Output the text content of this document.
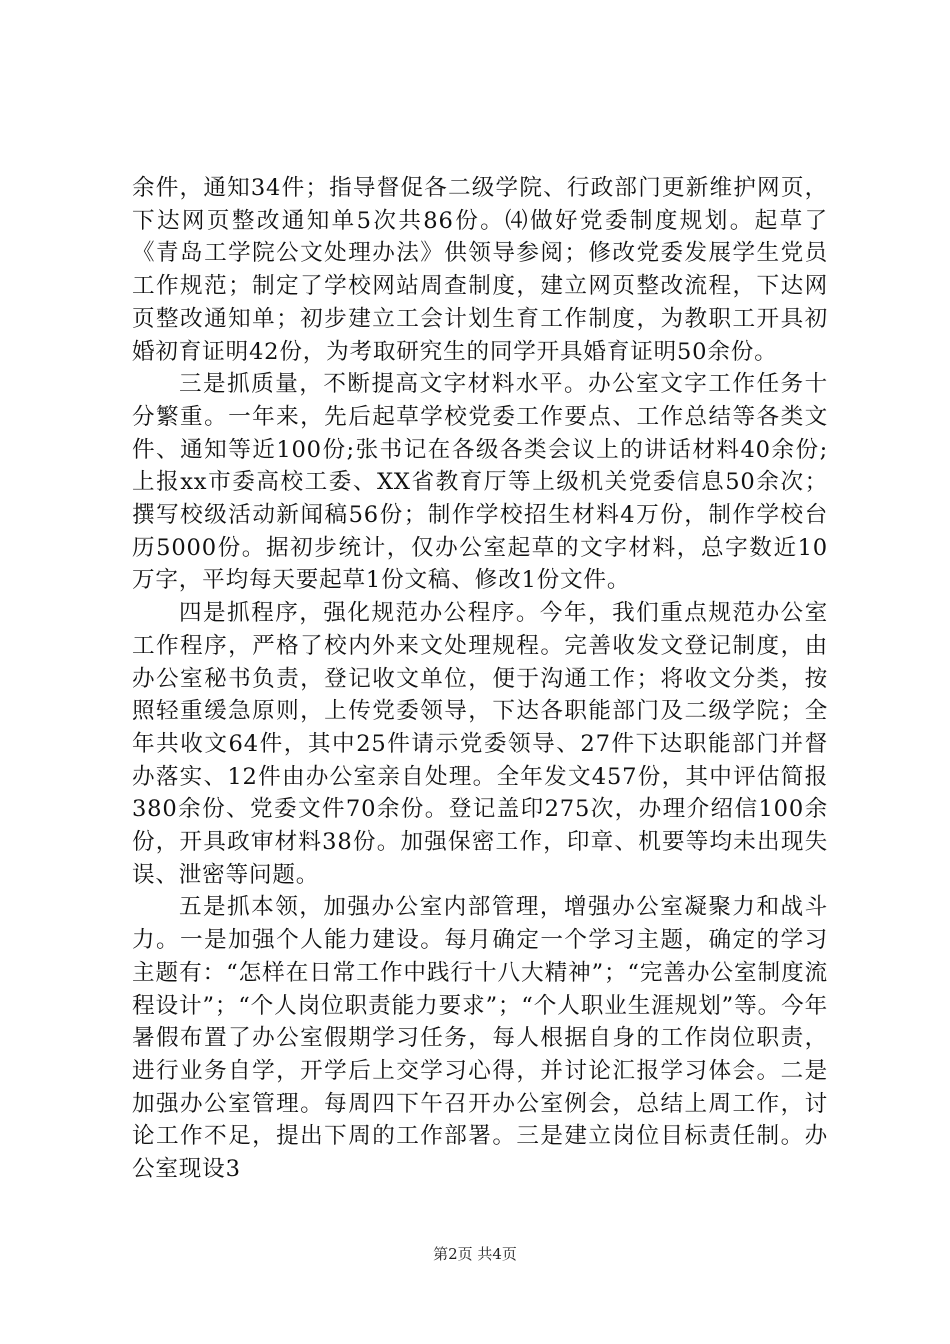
余件，通知34件；指导督促各二级学院、行政部门更新维护网页，下达网页整改通知单5次共86份。⑷做好党委制度规划。起草了《青岛工学院公文处理办法》供领导参阅；修改党委发展学生党员工作规范；制定了学校网站周查制度，建立网页整改流程，下达网页整改通知单；初步建立工会计划生育工作制度，为教职工开具初婚初育证明42份，为考取研究生的同学开具婚育证明50余份。

三是抓质量，不断提高文字材料水平。办公室文字工作任务十分繁重。一年来，先后起草学校党委工作要点、工作总结等各类文件、通知等近100份;张书记在各级各类会议上的讲话材料40余份;上报xx市委高校工委、XX省教育厅等上级机关党委信息50余次；撰写校级活动新闻稿56份；制作学校招生材料4万份，制作学校台历5000份。据初步统计，仅办公室起草的文字材料，总字数近10万字，平均每天要起草1份文稿、修改1份文件。

四是抓程序，强化规范办公程序。今年，我们重点规范办公室工作程序，严格了校内外来文处理规程。完善收发文登记制度，由办公室秘书负责，登记收文单位，便于沟通工作；将收文分类，按照轻重缓急原则，上传党委领导，下达各职能部门及二级学院；全年共收文64件，其中25件请示党委领导、27件下达职能部门并督办落实、12件由办公室亲自处理。全年发文457份，其中评估简报380余份、党委文件70余份。登记盖印275次，办理介绍信100余份，开具政审材料38份。加强保密工作，印章、机要等均未出现失误、泄密等问题。

五是抓本领，加强办公室内部管理，增强办公室凝聚力和战斗力。一是加强个人能力建设。每月确定一个学习主题，确定的学习主题有：“怎样在日常工作中践行十八大精神”；“完善办公室制度流程设计”；“个人岗位职责能力要求”；“个人职业生涯规划”等。今年暑假布置了办公室假期学习任务，每人根据自身的工作岗位职责，进行业务自学，开学后上交学习心得，并讨论汇报学习体会。二是加强办公室管理。每周四下午召开办公室例会，总结上周工作，讨论工作不足，提出下周的工作部署。三是建立岗位目标责任制。办公室现设3

第2页 共4页
